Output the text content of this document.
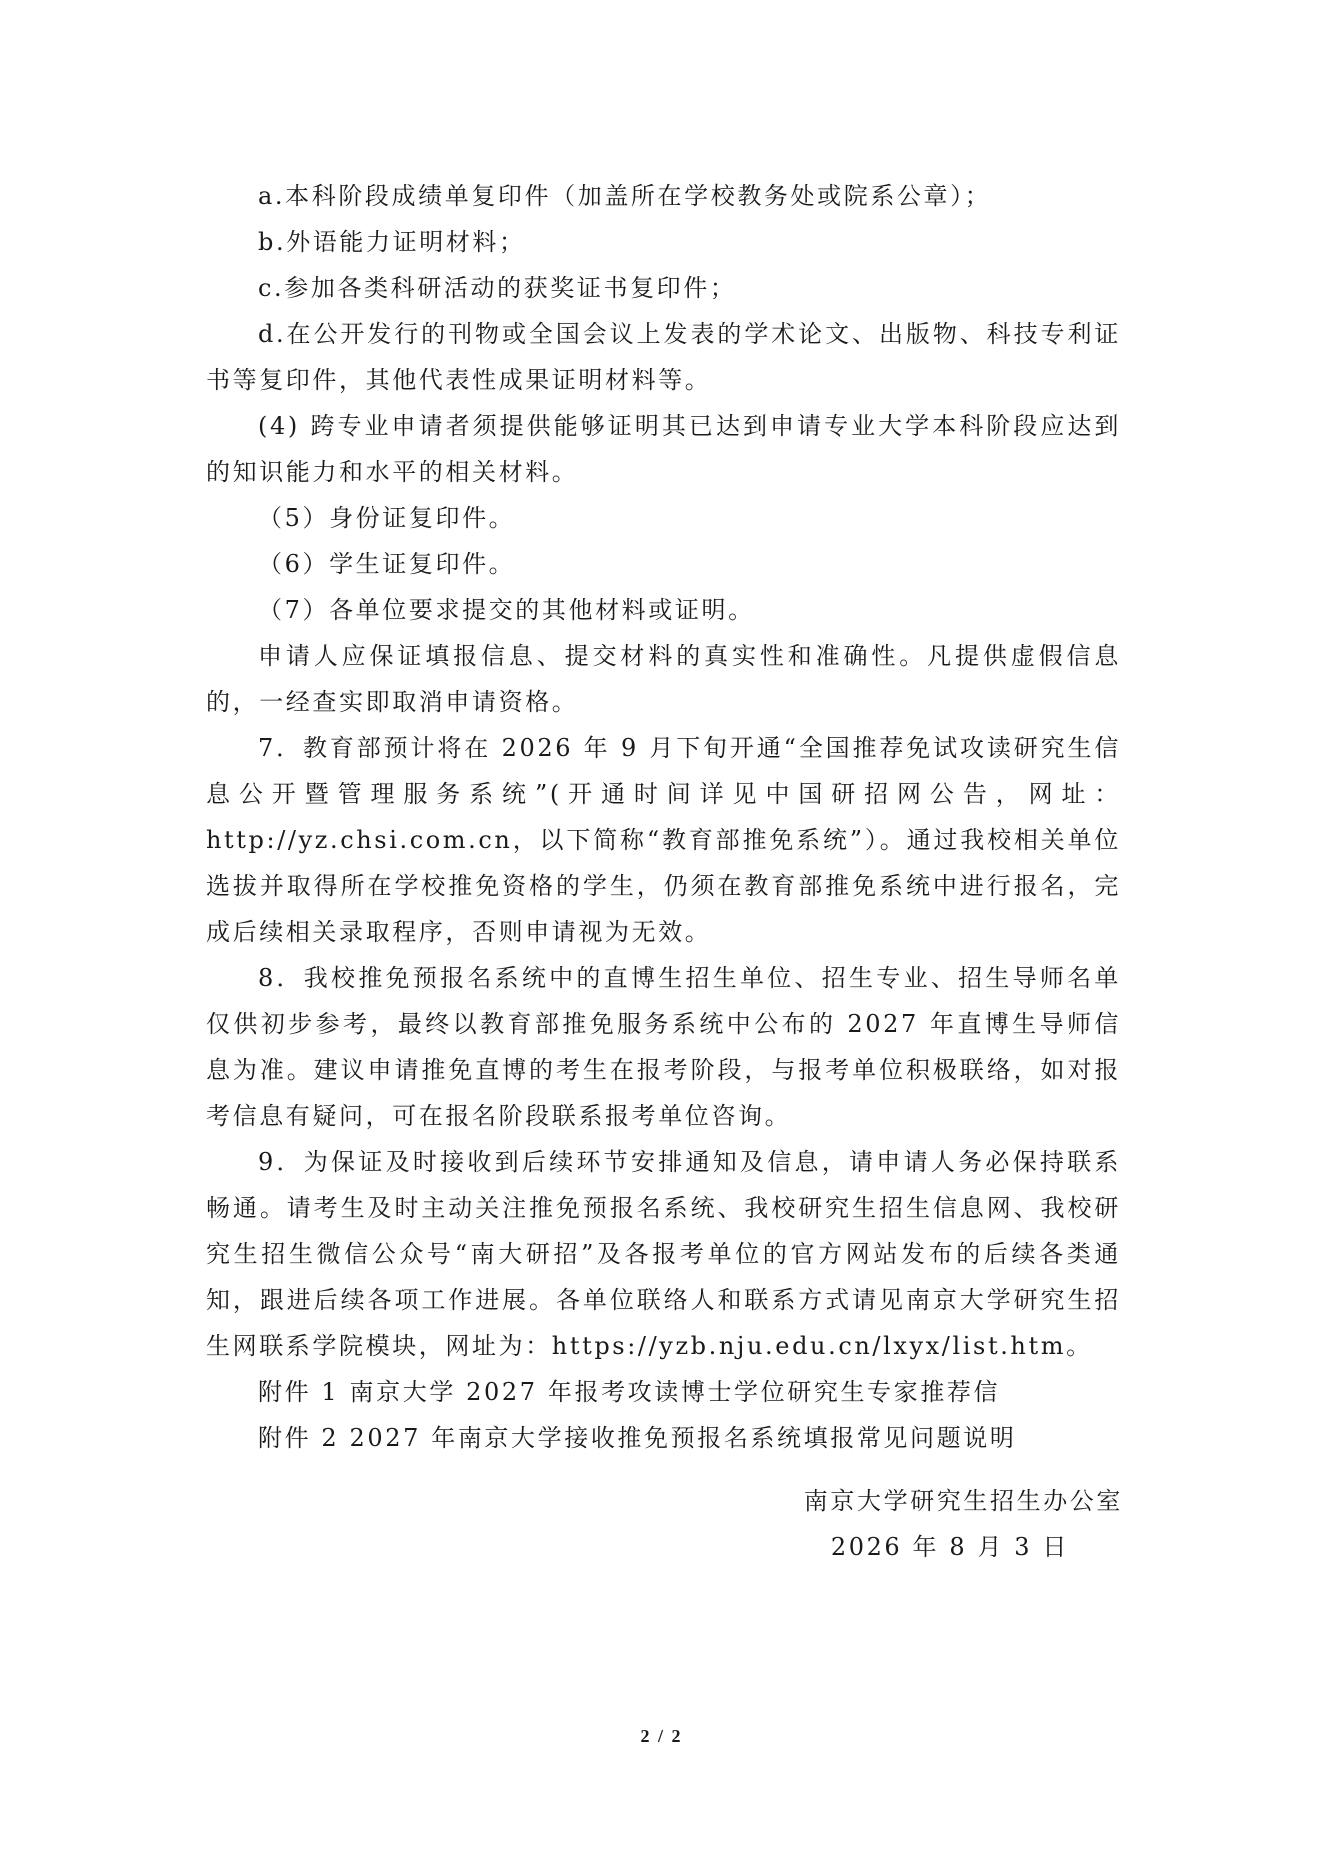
a.本科阶段成绩单复印件（加盖所在学校教务处或院系公章）；

b.外语能力证明材料；

c.参加各类科研活动的获奖证书复印件；

d.在公开发行的刊物或全国会议上发表的学术论文、出版物、科技专利证书等复印件，其他代表性成果证明材料等。

(4) 跨专业申请者须提供能够证明其已达到申请专业大学本科阶段应达到的知识能力和水平的相关材料。

（5）身份证复印件。

（6）学生证复印件。

（7）各单位要求提交的其他材料或证明。

申请人应保证填报信息、提交材料的真实性和准确性。凡提供虚假信息的，一经查实即取消申请资格。

7．教育部预计将在 2026 年 9 月下旬开通“全国推荐免试攻读研究生信息公开暨管理服务系统”(开通时间详见中国研招网公告，网址：http://yz.chsi.com.cn，以下简称“教育部推免系统”）。通过我校相关单位选拔并取得所在学校推免资格的学生，仍须在教育部推免系统中进行报名，完成后续相关录取程序，否则申请视为无效。

8．我校推免预报名系统中的直博生招生单位、招生专业、招生导师名单仅供初步参考，最终以教育部推免服务系统中公布的 2027 年直博生导师信息为准。建议申请推免直博的考生在报考阶段，与报考单位积极联络，如对报考信息有疑问，可在报名阶段联系报考单位咨询。

9．为保证及时接收到后续环节安排通知及信息，请申请人务必保持联系畅通。请考生及时主动关注推免预报名系统、我校研究生招生信息网、我校研究生招生微信公众号“南大研招”及各报考单位的官方网站发布的后续各类通知，跟进后续各项工作进展。各单位联络人和联系方式请见南京大学研究生招生网联系学院模块，网址为：https://yzb.nju.edu.cn/lxyx/list.htm。

附件 1 南京大学 2027 年报考攻读博士学位研究生专家推荐信

附件 2 2027 年南京大学接收推免预报名系统填报常见问题说明

南京大学研究生招生办公室

2026 年 8 月 3 日

2 / 2
